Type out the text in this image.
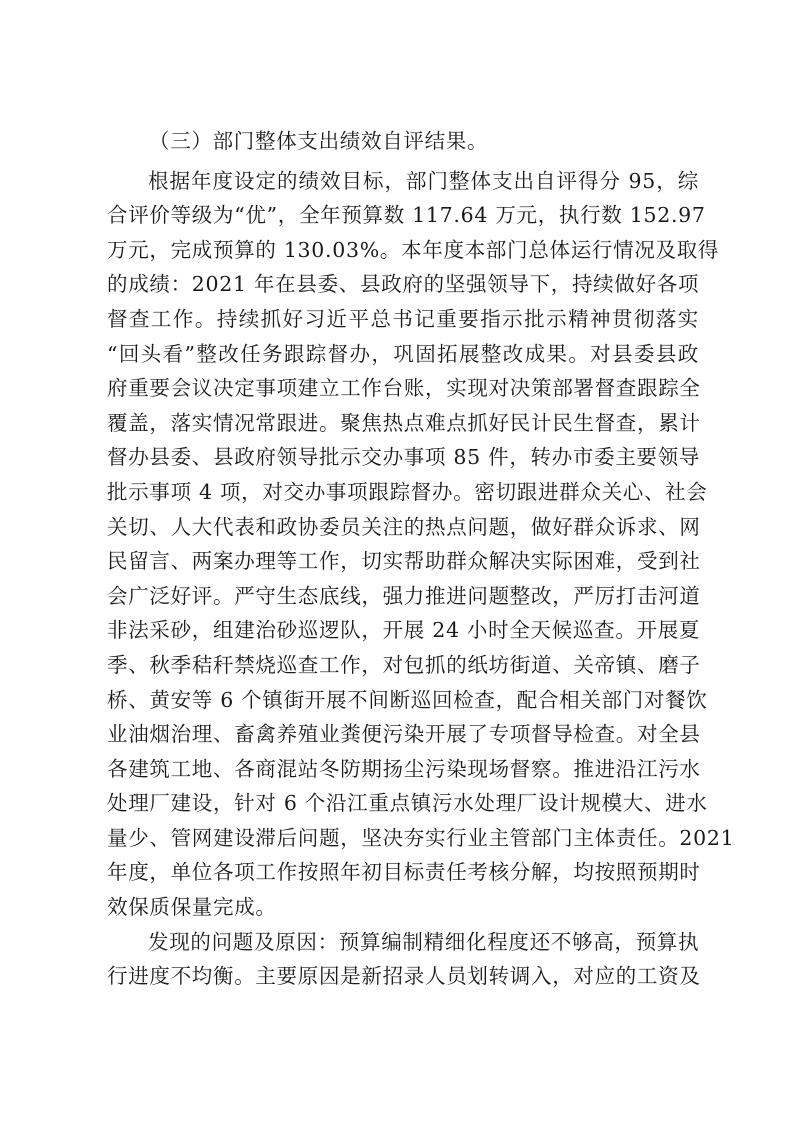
（三）部门整体支出绩效自评结果。
根据年度设定的绩效目标，部门整体支出自评得分 95，综
合评价等级为“优”，全年预算数 117.64 万元，执行数 152.97
万元，完成预算的 130.03%。本年度本部门总体运行情况及取得
的成绩：2021 年在县委、县政府的坚强领导下，持续做好各项
督查工作。持续抓好习近平总书记重要指示批示精神贯彻落实
“回头看”整改任务跟踪督办，巩固拓展整改成果。对县委县政
府重要会议决定事项建立工作台账，实现对决策部署督查跟踪全
覆盖，落实情况常跟进。聚焦热点难点抓好民计民生督查，累计
督办县委、县政府领导批示交办事项 85 件，转办市委主要领导
批示事项 4 项，对交办事项跟踪督办。密切跟进群众关心、社会
关切、人大代表和政协委员关注的热点问题，做好群众诉求、网
民留言、两案办理等工作，切实帮助群众解决实际困难，受到社
会广泛好评。严守生态底线，强力推进问题整改，严厉打击河道
非法采砂，组建治砂巡逻队，开展 24 小时全天候巡查。开展夏
季、秋季秸秆禁烧巡查工作，对包抓的纸坊街道、关帝镇、磨子
桥、黄安等 6 个镇街开展不间断巡回检查，配合相关部门对餐饮
业油烟治理、畜禽养殖业粪便污染开展了专项督导检查。对全县
各建筑工地、各商混站冬防期扬尘污染现场督察。推进沿江污水
处理厂建设，针对 6 个沿江重点镇污水处理厂设计规模大、进水
量少、管网建设滞后问题，坚决夯实行业主管部门主体责任。2021
年度，单位各项工作按照年初目标责任考核分解，均按照预期时
效保质保量完成。
发现的问题及原因：预算编制精细化程度还不够高，预算执
行进度不均衡。主要原因是新招录人员划转调入，对应的工资及
